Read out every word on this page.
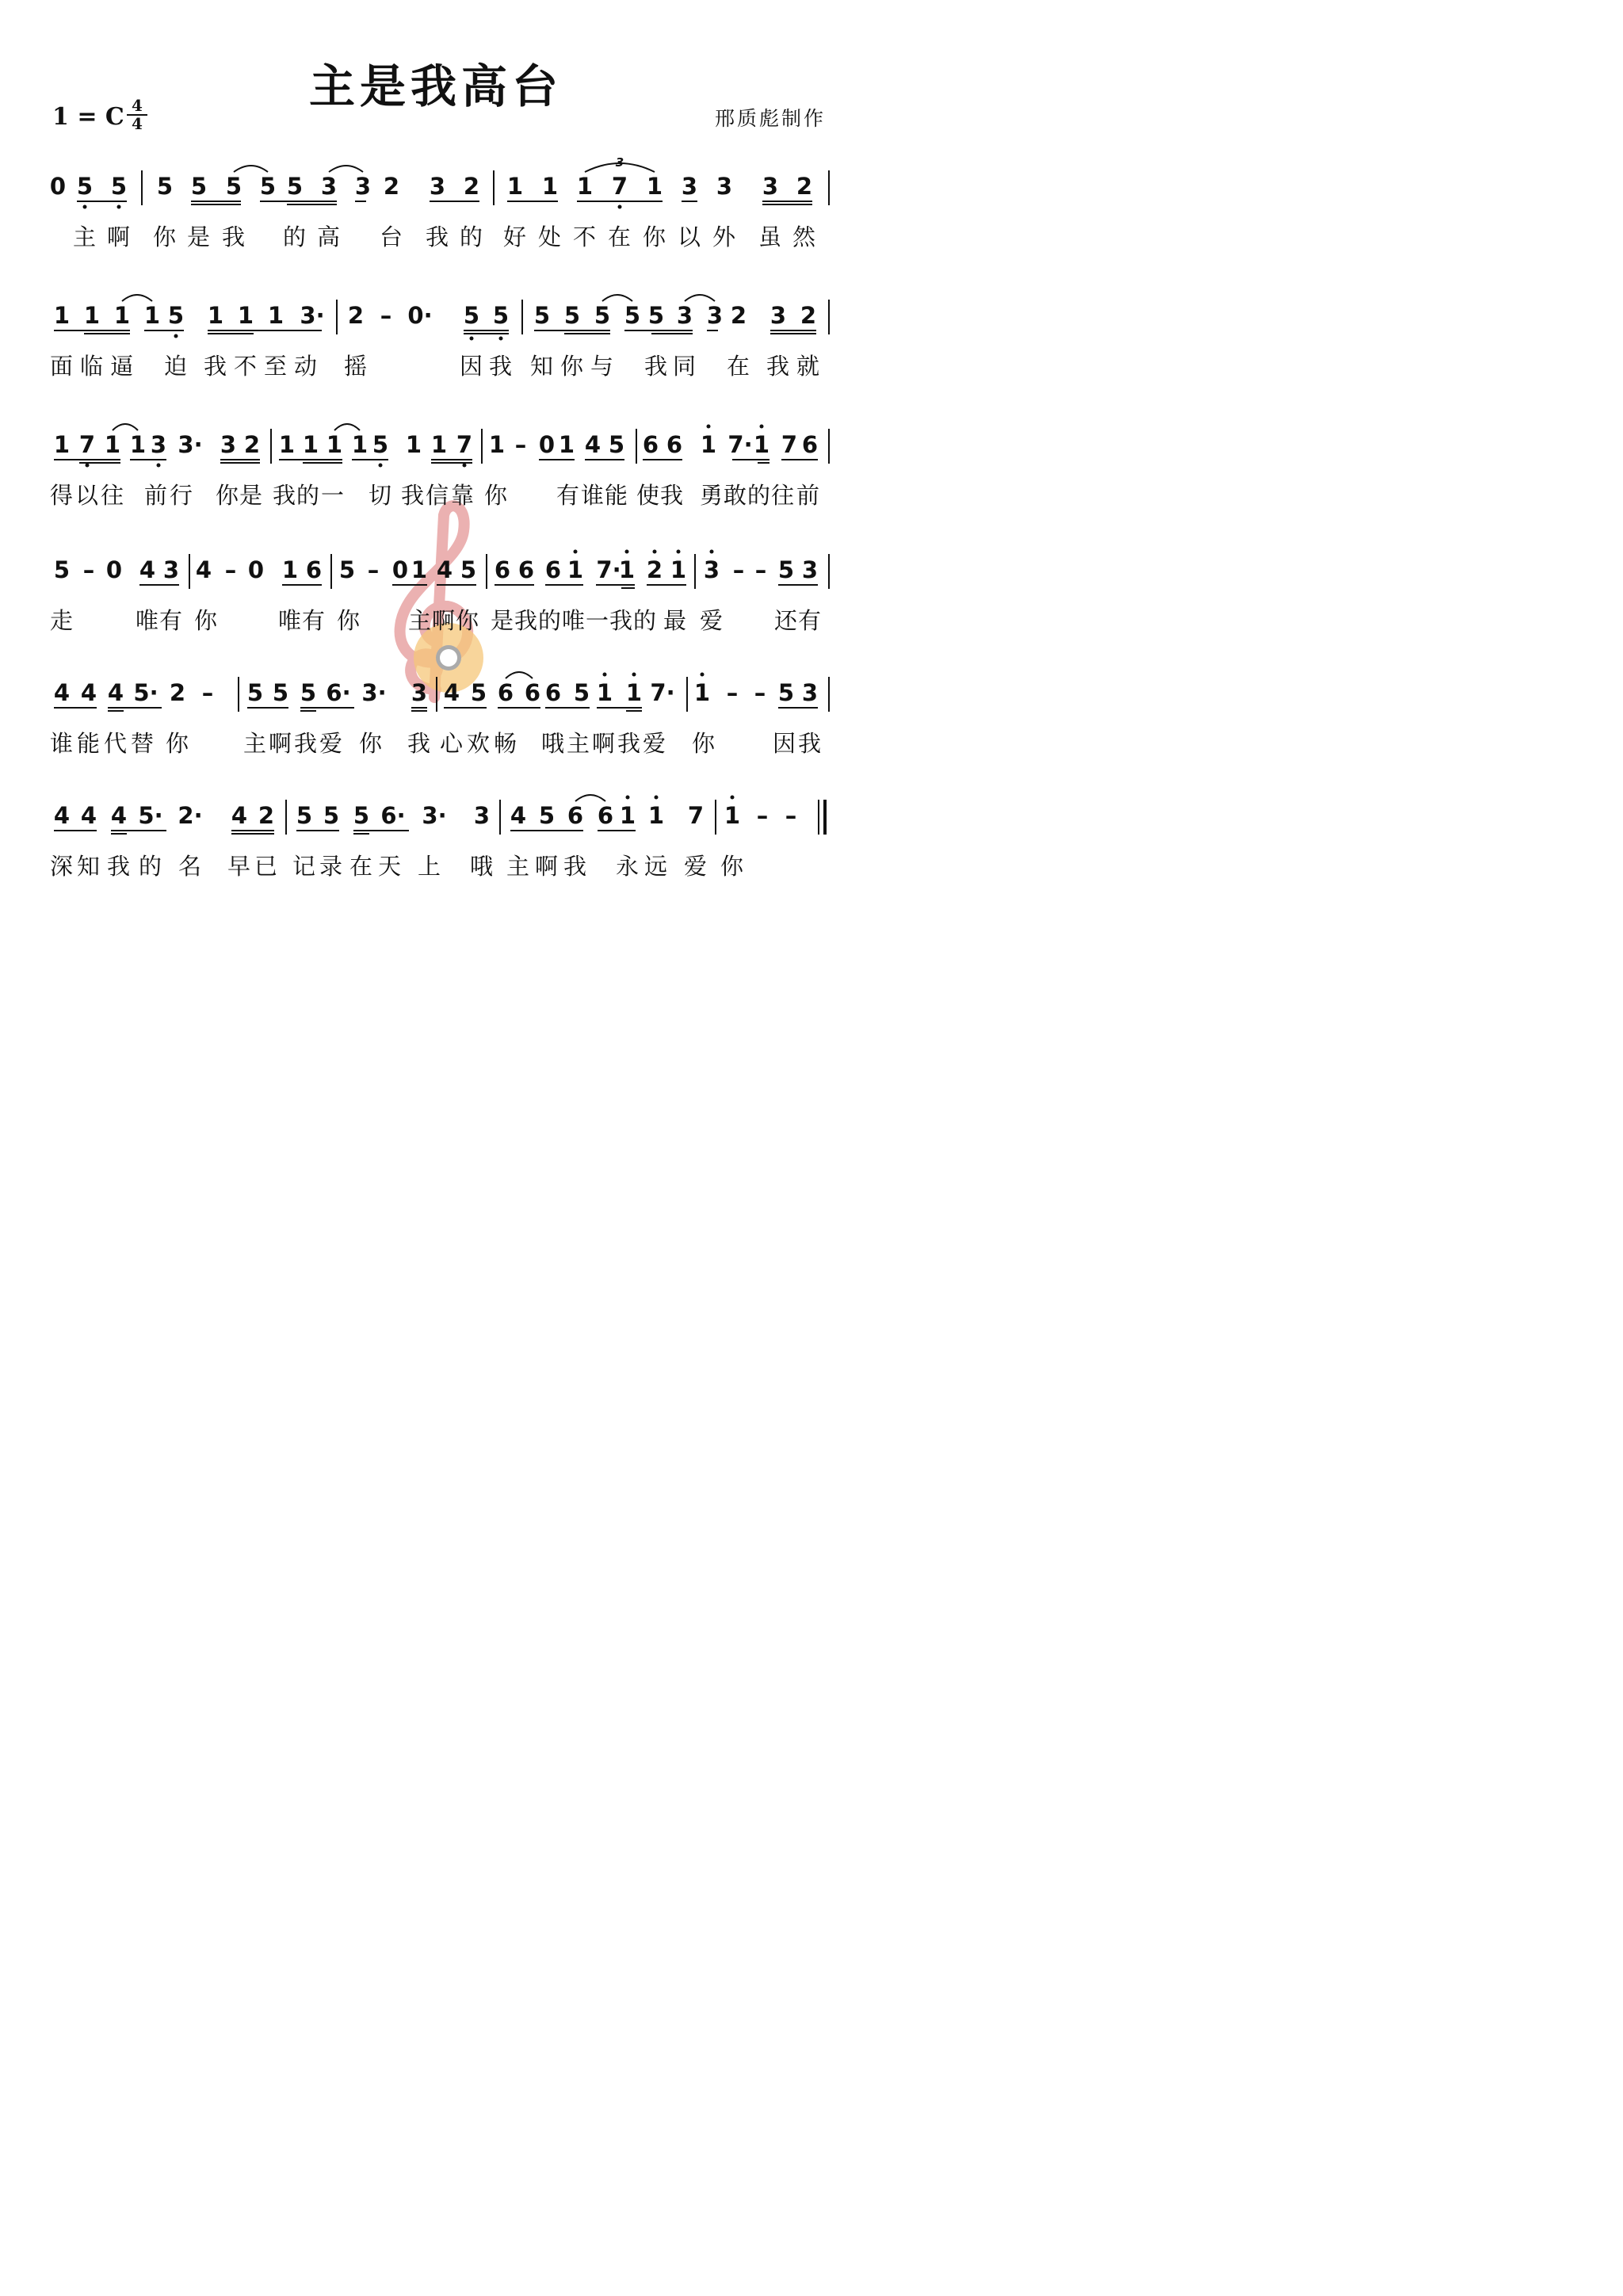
主是我高台
1 = C 4
4	邢质彪制作
0 5 5 5 5 5 5 5 3 3 2 3 2 1 1 1 7 1 3 3 3 2
3
主 啊 你 是 我 的 高 台 我 的 好 处 不 在 你 以 外 虽 然
1 1 1 1 5 1 1 1 3· 2 – 0· 5 5 5 5 5 5 5 3 3 2 3 2
面 临 逼 迫 我 不 至 动 摇	因 我 知 你 与 我 同 在 我 就
1 7 1 1 3 3· 3 2 1 1 1 1 5 1 1 7 1 – 0 1 4 5 6 6 1 7· 1 7 6
得 以 往 前 行 你 是 我 的 一 切 我 信 靠 你 有 谁 能 使 我 勇 敢 的 往 前
5 – 0 4 3 4 – 0 1 6 5 – 0 1 4 5 6 6 6 1 7·
1 2 1 3 – – 5 3
走	唯 有 你	唯 有 你 主 啊 你 是 我 的 唯 一 我 的 最 爱 还 有
4 4 4 5· 2 – 5 5 5 6· 3· 3 4 5 6 6 6 5 1 1 7· 1 – – 5 3
谁 能 代 替 你 主 啊 我 爱 你 我 心 欢 畅 哦 主 啊 我 爱 你 因 我
4 4 4 5· 2· 4 2 5 5 5 6· 3· 3 4 5 6 6 1 1 7 1 – –
深 知 我 的 名 早 已 记 录 在 天 上 哦 主 啊 我 永 远 爱 你
